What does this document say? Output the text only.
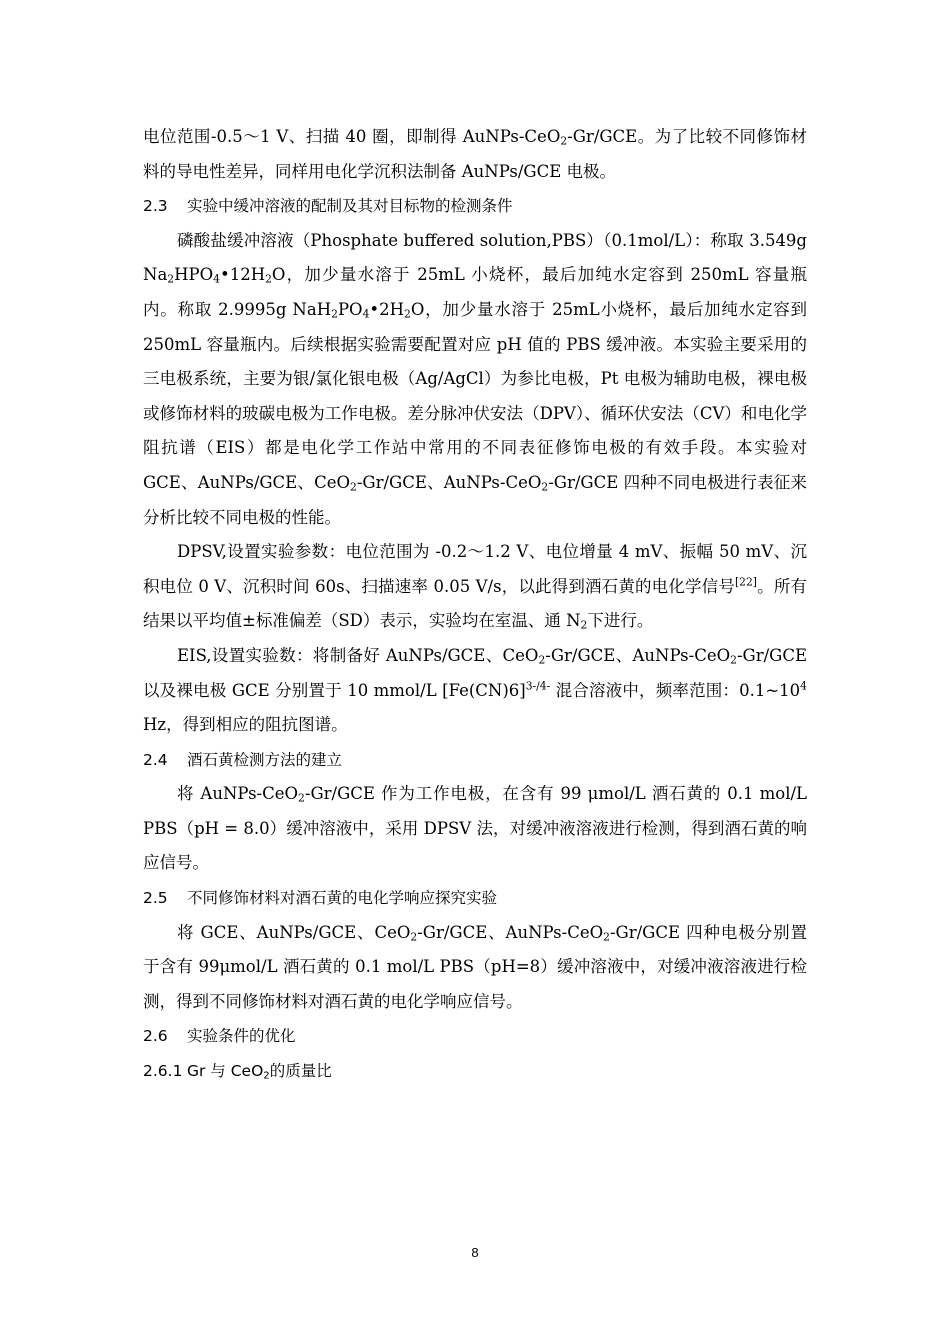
电位范围-0.5～1 V、扫描 40 圈，即制得 AuNPs-CeO$_2$-Gr/GCE。为了比较不同修饰材料的导电性差异，同样用电化学沉积法制备 AuNPs/GCE 电极。
2.3 实验中缓冲溶液的配制及其对目标物的检测条件
磷酸盐缓冲溶液（Phosphate buffered solution,PBS）（0.1mol/L）：称取 3.549g $Na_2HPO_4•12H_2O$，加少量水溶于 25mL 小烧杯，最后加纯水定容到 250mL 容量瓶内。称取 2.9995g $NaH_2PO_4•2H_2O$，加少量水溶于 25mL小烧杯，最后加纯水定容到 250mL 容量瓶内。后续根据实验需要配置对应 pH 值的 PBS 缓冲液。本实验主要采用的三电极系统，主要为银/氯化银电极（Ag/AgCl）为参比电极，Pt 电极为辅助电极，裸电极或修饰材料的玻碳电极为工作电极。差分脉冲伏安法（DPV）、循环伏安法（CV）和电化学阻抗谱（EIS）都是电化学工作站中常用的不同表征修饰电极的有效手段。本实验对 GCE、AuNPs/GCE、CeO$_2$-Gr/GCE、AuNPs-CeO$_2$-Gr/GCE 四种不同电极进行表征来分析比较不同电极的性能。
DPSV,设置实验参数：电位范围为 -0.2～1.2 V、电位增量 4 mV、振幅 50 mV、沉积电位 0 V、沉积时间 60s、扫描速率 0.05 V/s，以此得到酒石黄的电化学信号[22]。所有结果以平均值±标准偏差（SD）表示，实验均在室温、通 $N_2$下进行。
EIS,设置实验数：将制备好 AuNPs/GCE、CeO$_2$-Gr/GCE、AuNPs-CeO$_2$-Gr/GCE 以及裸电极 GCE 分别置于 10 mmol/L $[Fe(CN)6]^{3-/4-}$ 混合溶液中，频率范围：$0.1\sim 10^4$ Hz，得到相应的阻抗图谱。
2.4 酒石黄检测方法的建立
将 AuNPs-CeO$_2$-Gr/GCE 作为工作电极，在含有 99 μmol/L 酒石黄的 0.1 mol/L PBS（pH = 8.0）缓冲溶液中，采用 DPSV 法，对缓冲液溶液进行检测，得到酒石黄的响应信号。
2.5 不同修饰材料对酒石黄的电化学响应探究实验
将 GCE、AuNPs/GCE、CeO$_2$-Gr/GCE、AuNPs-CeO$_2$-Gr/GCE 四种电极分别置于含有 99μmol/L 酒石黄的 0.1 mol/L PBS（pH=8）缓冲溶液中，对缓冲液溶液进行检测，得到不同修饰材料对酒石黄的电化学响应信号。
2.6 实验条件的优化
2.6.1 Gr 与 CeO$_2$的质量比
8
